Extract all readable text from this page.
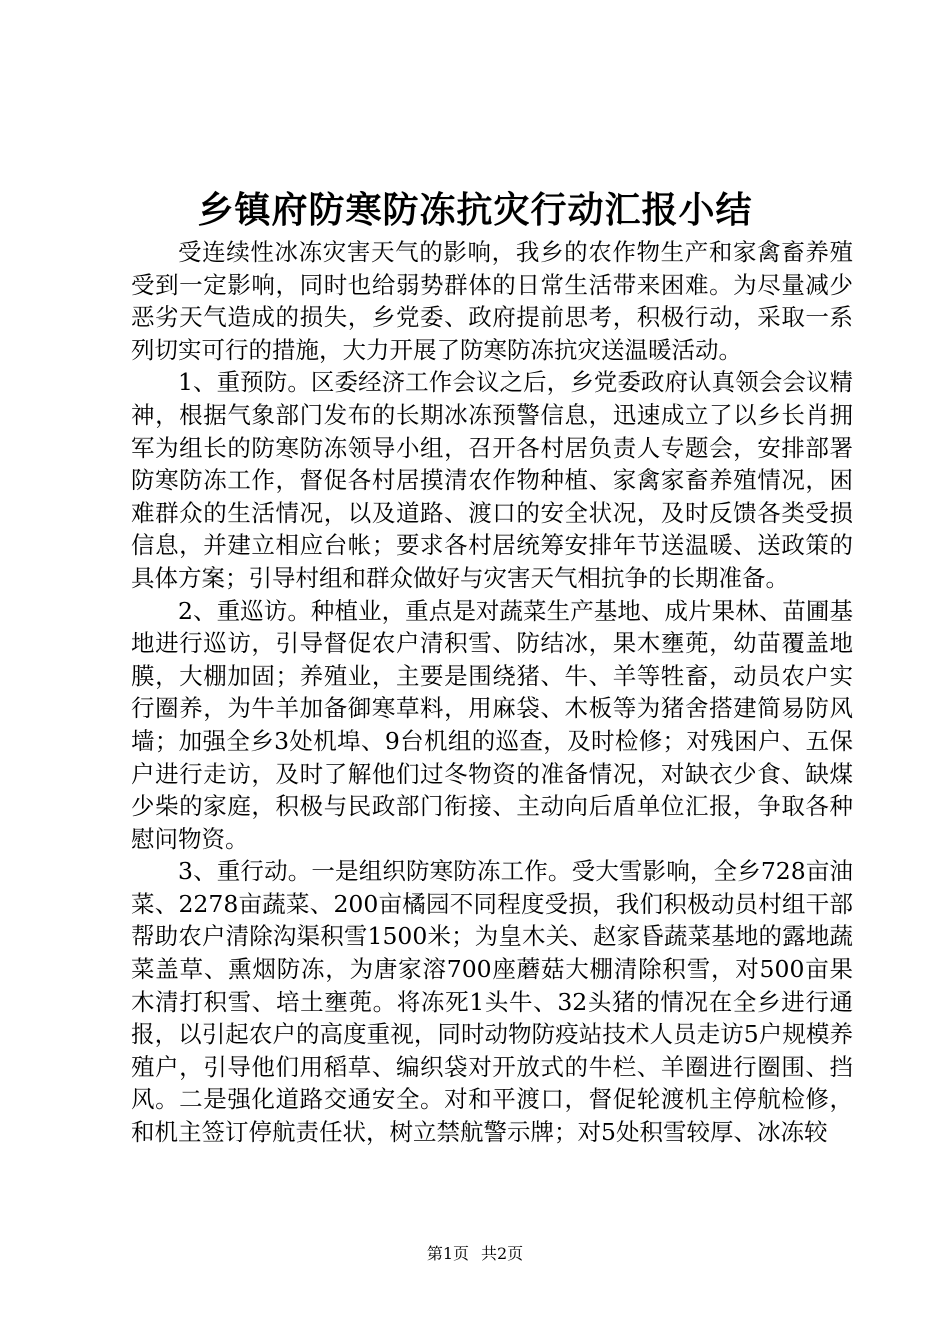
乡镇府防寒防冻抗灾行动汇报小结

受连续性冰冻灾害天气的影响，我乡的农作物生产和家禽畜养殖受到一定影响，同时也给弱势群体的日常生活带来困难。为尽量减少恶劣天气造成的损失，乡党委、政府提前思考，积极行动，采取一系列切实可行的措施，大力开展了防寒防冻抗灾送温暖活动。

1、重预防。区委经济工作会议之后，乡党委政府认真领会会议精神，根据气象部门发布的长期冰冻预警信息，迅速成立了以乡长肖拥军为组长的防寒防冻领导小组，召开各村居负责人专题会，安排部署防寒防冻工作，督促各村居摸清农作物种植、家禽家畜养殖情况，困难群众的生活情况，以及道路、渡口的安全状况，及时反馈各类受损信息，并建立相应台帐；要求各村居统筹安排年节送温暖、送政策的具体方案；引导村组和群众做好与灾害天气相抗争的长期准备。

2、重巡访。种植业，重点是对蔬菜生产基地、成片果林、苗圃基地进行巡访，引导督促农户清积雪、防结冰，果木壅蔸，幼苗覆盖地膜，大棚加固；养殖业，主要是围绕猪、牛、羊等牲畜，动员农户实行圈养，为牛羊加备御寒草料，用麻袋、木板等为猪舍搭建简易防风墙；加强全乡3处机埠、9台机组的巡查，及时检修；对残困户、五保户进行走访，及时了解他们过冬物资的准备情况，对缺衣少食、缺煤少柴的家庭，积极与民政部门衔接、主动向后盾单位汇报，争取各种慰问物资。

3、重行动。一是组织防寒防冻工作。受大雪影响，全乡728亩油菜、2278亩蔬菜、200亩橘园不同程度受损，我们积极动员村组干部帮助农户清除沟渠积雪1500米；为皇木关、赵家昏蔬菜基地的露地蔬菜盖草、熏烟防冻，为唐家溶700座蘑菇大棚清除积雪，对500亩果木清打积雪、培土壅蔸。将冻死1头牛、32头猪的情况在全乡进行通报，以引起农户的高度重视，同时动物防疫站技术人员走访5户规模养殖户，引导他们用稻草、编织袋对开放式的牛栏、羊圈进行圈围、挡风。二是强化道路交通安全。对和平渡口，督促轮渡机主停航检修，和机主签订停航责任状，树立禁航警示牌；对5处积雪较厚、冰冻较

第1页 共2页
